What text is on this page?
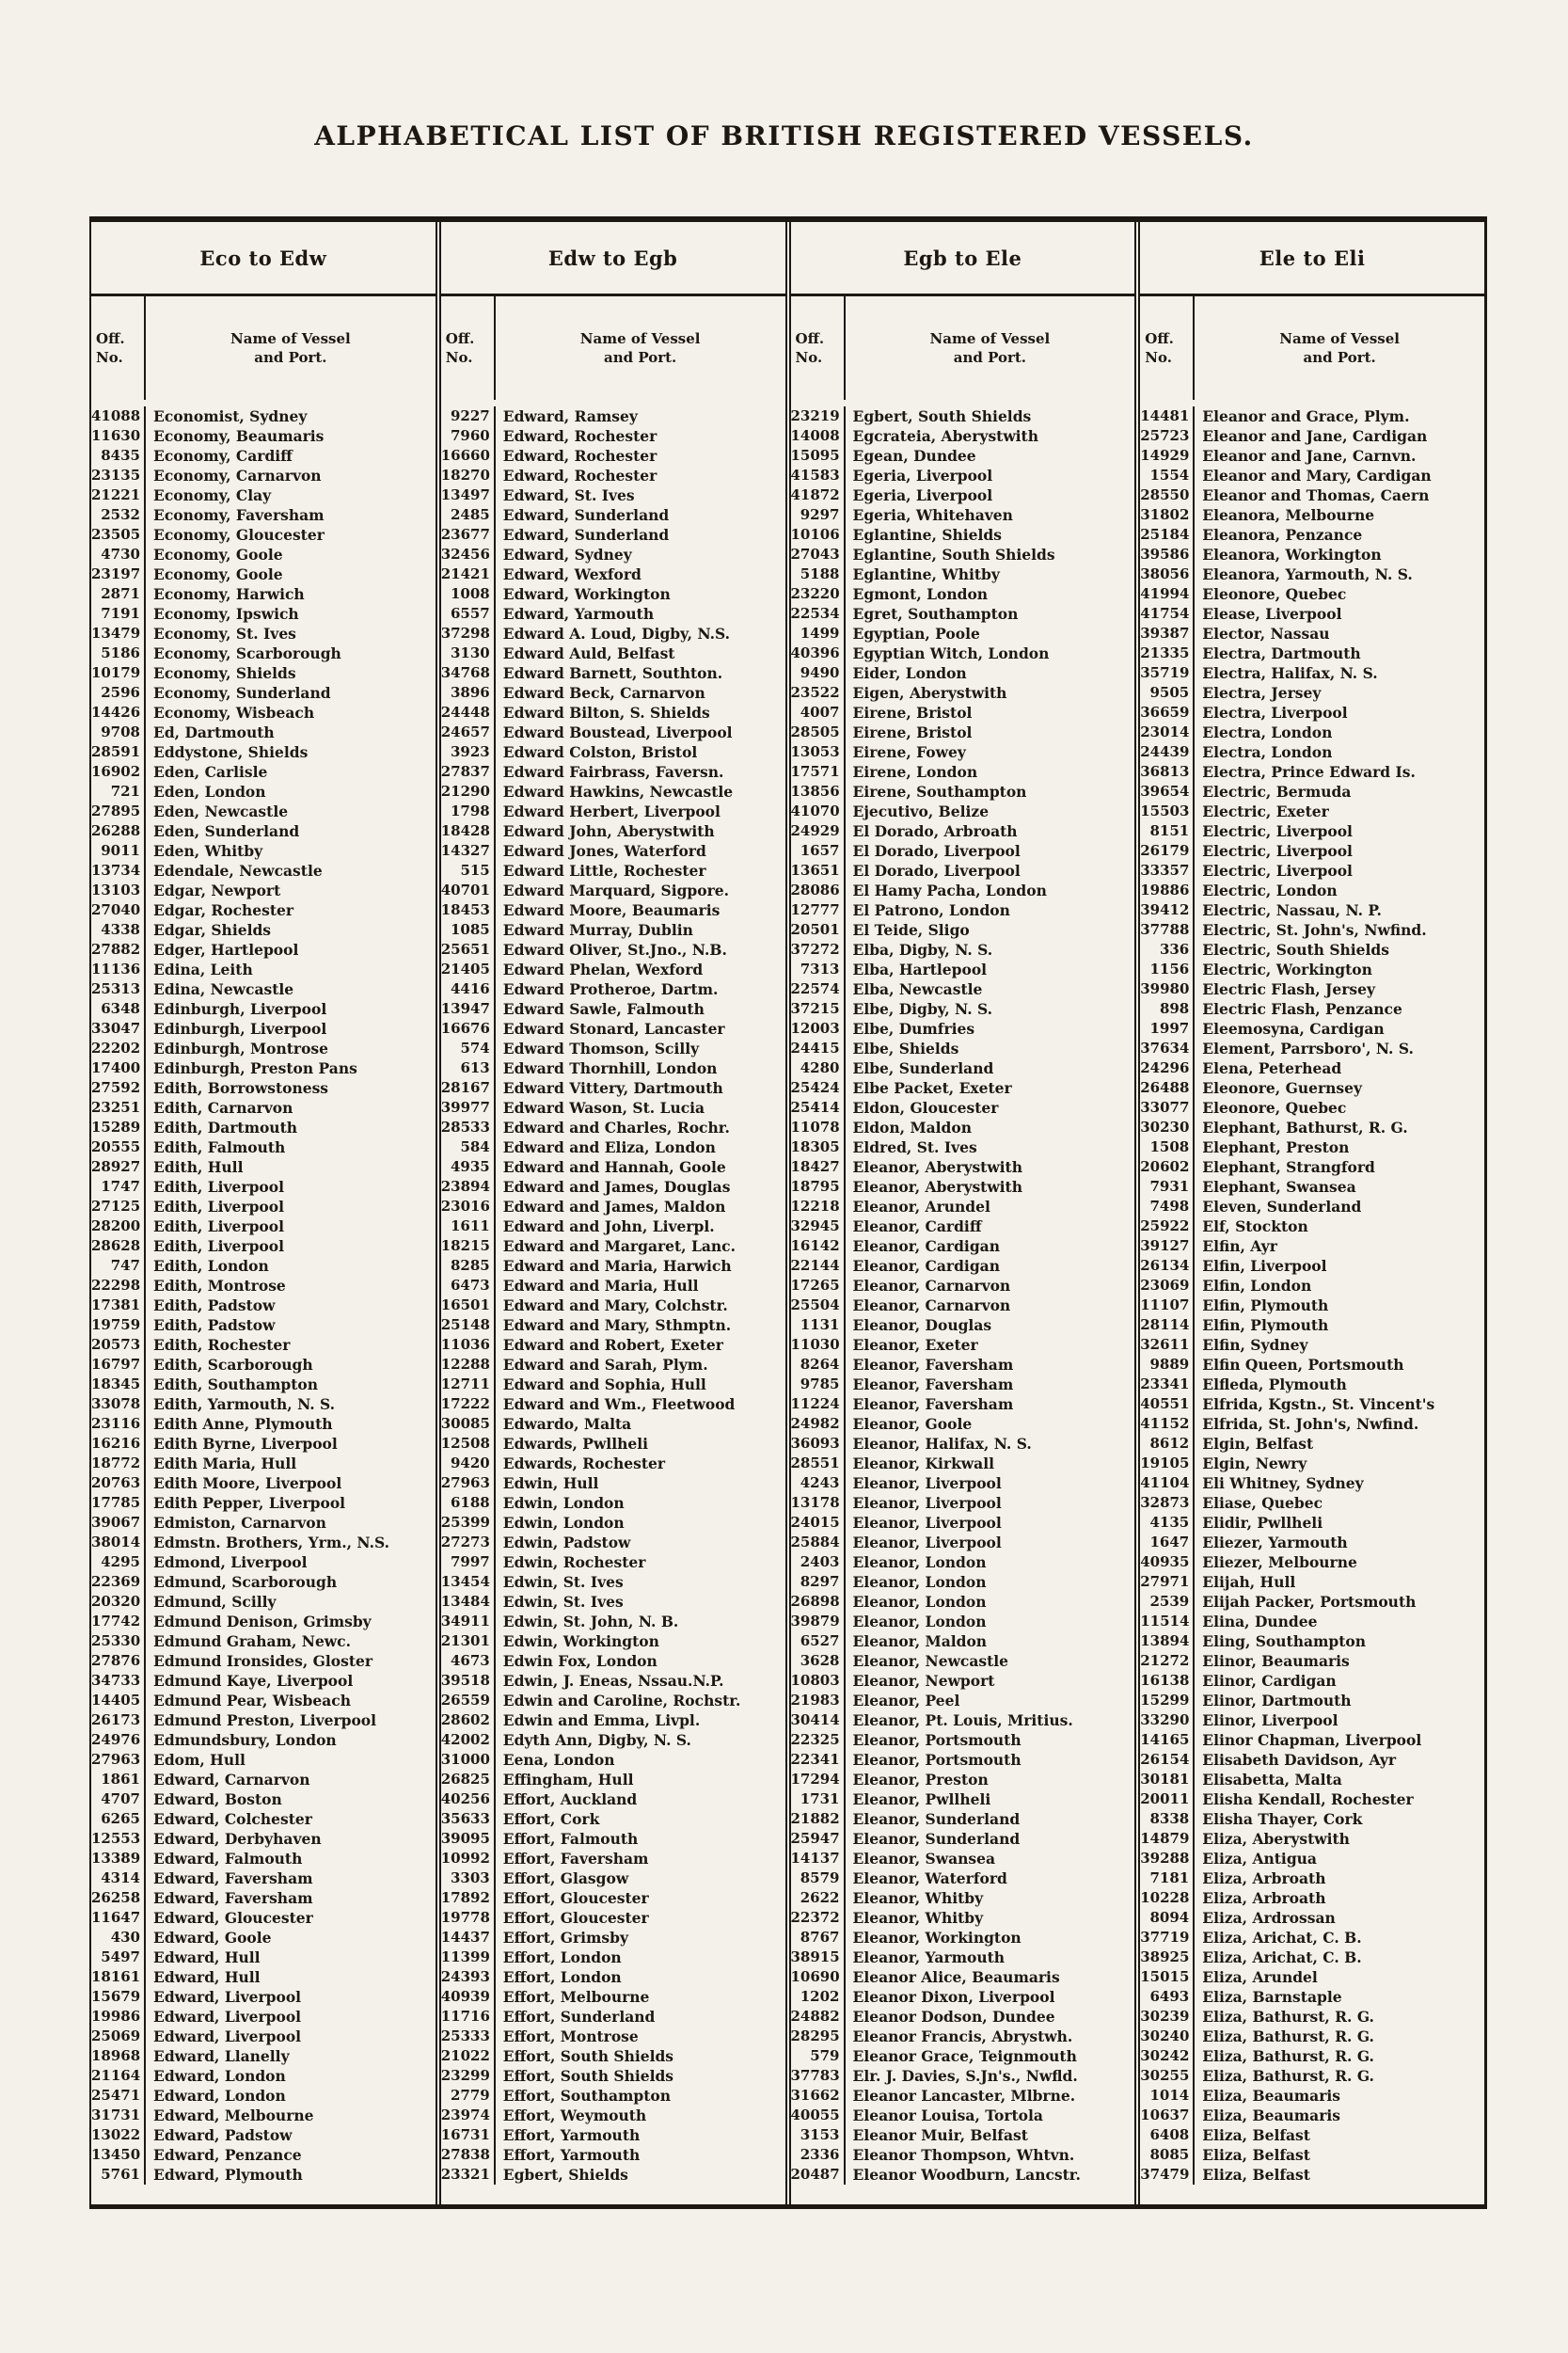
ALPHABETICAL LIST OF BRITISH REGISTERED VESSELS.
Eco to Edw
Off.
No.
Name of Vessel
and Port.
41088 Economist, Sydney
11630 Economy, Beaumaris
8435 Economy, Cardiff
23135 Economy, Carnarvon
21221 Economy, Clay
2532 Economy, Faversham
23505 Economy, Gloucester
4730 Economy, Goole
23197 Economy, Goole
2871 Economy, Harwich
7191 Economy, Ipswich
13479 Economy, St. Ives
5186 Economy, Scarborough
10179 Economy, Shields
2596 Economy, Sunderland
14426 Economy, Wisbeach
9708 Ed, Dartmouth
28591 Eddystone, Shields
16902 Eden, Carlisle
721 Eden, London
27895 Eden, Newcastle
26288 Eden, Sunderland
9011 Eden, Whitby
13734 Edendale, Newcastle
13103 Edgar, Newport
27040 Edgar, Rochester
4338 Edgar, Shields
27882 Edger, Hartlepool
11136 Edina, Leith
25313 Edina, Newcastle
6348 Edinburgh, Liverpool
33047 Edinburgh, Liverpool
22202 Edinburgh, Montrose
17400 Edinburgh, Preston Pans
27592 Edith, Borrowstoness
23251 Edith, Carnarvon
15289 Edith, Dartmouth
20555 Edith, Falmouth
28927 Edith, Hull
1747 Edith, Liverpool
27125 Edith, Liverpool
28200 Edith, Liverpool
28628 Edith, Liverpool
747 Edith, London
22298 Edith, Montrose
17381 Edith, Padstow
19759 Edith, Padstow
20573 Edith, Rochester
16797 Edith, Scarborough
18345 Edith, Southampton
33078 Edith, Yarmouth, N. S.
23116 Edith Anne, Plymouth
16216 Edith Byrne, Liverpool
18772 Edith Maria, Hull
20763 Edith Moore, Liverpool
17785 Edith Pepper, Liverpool
39067 Edmiston, Carnarvon
38014 Edmstn. Brothers, Yrm., N.S.
4295 Edmond, Liverpool
22369 Edmund, Scarborough
20320 Edmund, Scilly
17742 Edmund Denison, Grimsby
25330 Edmund Graham, Newc.
27876 Edmund Ironsides, Gloster
34733 Edmund Kaye, Liverpool
14405 Edmund Pear, Wisbeach
26173 Edmund Preston, Liverpool
24976 Edmundsbury, London
27963 Edom, Hull
1861 Edward, Carnarvon
4707 Edward, Boston
6265 Edward, Colchester
12553 Edward, Derbyhaven
13389 Edward, Falmouth
4314 Edward, Faversham
26258 Edward, Faversham
11647 Edward, Gloucester
430 Edward, Goole
5497 Edward, Hull
18161 Edward, Hull
15679 Edward, Liverpool
19986 Edward, Liverpool
25069 Edward, Liverpool
18968 Edward, Llanelly
21164 Edward, London
25471 Edward, London
31731 Edward, Melbourne
13022 Edward, Padstow
13450 Edward, Penzance
5761 Edward, Plymouth
Edw to Egb
Off.
No.
Name of Vessel
and Port.
9227 Edward, Ramsey
7960 Edward, Rochester
16660 Edward, Rochester
18270 Edward, Rochester
13497 Edward, St. Ives
2485 Edward, Sunderland
23677 Edward, Sunderland
32456 Edward, Sydney
21421 Edward, Wexford
1008 Edward, Workington
6557 Edward, Yarmouth
37298 Edward A. Loud, Digby, N.S.
3130 Edward Auld, Belfast
34768 Edward Barnett, Southton.
3896 Edward Beck, Carnarvon
24448 Edward Bilton, S. Shields
24657 Edward Boustead, Liverpool
3923 Edward Colston, Bristol
27837 Edward Fairbrass, Faversn.
21290 Edward Hawkins, Newcastle
1798 Edward Herbert, Liverpool
18428 Edward John, Aberystwith
14327 Edward Jones, Waterford
515 Edward Little, Rochester
40701 Edward Marquard, Sigpore.
18453 Edward Moore, Beaumaris
1085 Edward Murray, Dublin
25651 Edward Oliver, St.Jno., N.B.
21405 Edward Phelan, Wexford
4416 Edward Protheroe, Dartm.
13947 Edward Sawle, Falmouth
16676 Edward Stonard, Lancaster
574 Edward Thomson, Scilly
613 Edward Thornhill, London
28167 Edward Vittery, Dartmouth
39977 Edward Wason, St. Lucia
28533 Edward and Charles, Rochr.
584 Edward and Eliza, London
4935 Edward and Hannah, Goole
23894 Edward and James, Douglas
23016 Edward and James, Maldon
1611 Edward and John, Liverpl.
18215 Edward and Margaret, Lanc.
8285 Edward and Maria, Harwich
6473 Edward and Maria, Hull
16501 Edward and Mary, Colchstr.
25148 Edward and Mary, Sthmptn.
11036 Edward and Robert, Exeter
12288 Edward and Sarah, Plym.
12711 Edward and Sophia, Hull
17222 Edward and Wm., Fleetwood
30085 Edwardo, Malta
12508 Edwards, Pwllheli
9420 Edwards, Rochester
27963 Edwin, Hull
6188 Edwin, London
25399 Edwin, London
27273 Edwin, Padstow
7997 Edwin, Rochester
13454 Edwin, St. Ives
13484 Edwin, St. Ives
34911 Edwin, St. John, N. B.
21301 Edwin, Workington
4673 Edwin Fox, London
39518 Edwin, J. Eneas, Nssau.N.P.
26559 Edwin and Caroline, Rochstr.
28602 Edwin and Emma, Livpl.
42002 Edyth Ann, Digby, N. S.
31000 Eena, London
26825 Effingham, Hull
40256 Effort, Auckland
35633 Effort, Cork
39095 Effort, Falmouth
10992 Effort, Faversham
3303 Effort, Glasgow
17892 Effort, Gloucester
19778 Effort, Gloucester
14437 Effort, Grimsby
11399 Effort, London
24393 Effort, London
40939 Effort, Melbourne
11716 Effort, Sunderland
25333 Effort, Montrose
21022 Effort, South Shields
23299 Effort, South Shields
2779 Effort, Southampton
23974 Effort, Weymouth
16731 Effort, Yarmouth
27838 Effort, Yarmouth
23321 Egbert, Shields
Egb to Ele
Off.
No.
Name of Vessel
and Port.
23219 Egbert, South Shields
14008 Egcrateia, Aberystwith
15095 Egean, Dundee
41583 Egeria, Liverpool
41872 Egeria, Liverpool
9297 Egeria, Whitehaven
10106 Eglantine, Shields
27043 Eglantine, South Shields
5188 Eglantine, Whitby
23220 Egmont, London
22534 Egret, Southampton
1499 Egyptian, Poole
40396 Egyptian Witch, London
9490 Eider, London
23522 Eigen, Aberystwith
4007 Eirene, Bristol
28505 Eirene, Bristol
13053 Eirene, Fowey
17571 Eirene, London
13856 Eirene, Southampton
41070 Ejecutivo, Belize
24929 El Dorado, Arbroath
1657 El Dorado, Liverpool
13651 El Dorado, Liverpool
28086 El Hamy Pacha, London
12777 El Patrono, London
20501 El Teide, Sligo
37272 Elba, Digby, N. S.
7313 Elba, Hartlepool
22574 Elba, Newcastle
37215 Elbe, Digby, N. S.
12003 Elbe, Dumfries
24415 Elbe, Shields
4280 Elbe, Sunderland
25424 Elbe Packet, Exeter
25414 Eldon, Gloucester
11078 Eldon, Maldon
18305 Eldred, St. Ives
18427 Eleanor, Aberystwith
18795 Eleanor, Aberystwith
12218 Eleanor, Arundel
32945 Eleanor, Cardiff
16142 Eleanor, Cardigan
22144 Eleanor, Cardigan
17265 Eleanor, Carnarvon
25504 Eleanor, Carnarvon
1131 Eleanor, Douglas
11030 Eleanor, Exeter
8264 Eleanor, Faversham
9785 Eleanor, Faversham
11224 Eleanor, Faversham
24982 Eleanor, Goole
36093 Eleanor, Halifax, N. S.
28551 Eleanor, Kirkwall
4243 Eleanor, Liverpool
13178 Eleanor, Liverpool
24015 Eleanor, Liverpool
25884 Eleanor, Liverpool
2403 Eleanor, London
8297 Eleanor, London
26898 Eleanor, London
39879 Eleanor, London
6527 Eleanor, Maldon
3628 Eleanor, Newcastle
10803 Eleanor, Newport
21983 Eleanor, Peel
30414 Eleanor, Pt. Louis, Mritius.
22325 Eleanor, Portsmouth
22341 Eleanor, Portsmouth
17294 Eleanor, Preston
1731 Eleanor, Pwllheli
21882 Eleanor, Sunderland
25947 Eleanor, Sunderland
14137 Eleanor, Swansea
8579 Eleanor, Waterford
2622 Eleanor, Whitby
22372 Eleanor, Whitby
8767 Eleanor, Workington
38915 Eleanor, Yarmouth
10690 Eleanor Alice, Beaumaris
1202 Eleanor Dixon, Liverpool
24882 Eleanor Dodson, Dundee
28295 Eleanor Francis, Abrystwh.
579 Eleanor Grace, Teignmouth
37783 Elr. J. Davies, S.Jn's., Nwfld.
31662 Eleanor Lancaster, Mlbrne.
40055 Eleanor Louisa, Tortola
3153 Eleanor Muir, Belfast
2336 Eleanor Thompson, Whtvn.
20487 Eleanor Woodburn, Lancstr.
Ele to Eli
Off.
No.
Name of Vessel
and Port.
14481 Eleanor and Grace, Plym.
25723 Eleanor and Jane, Cardigan
14929 Eleanor and Jane, Carnvn.
1554 Eleanor and Mary, Cardigan
28550 Eleanor and Thomas, Caern
31802 Eleanora, Melbourne
25184 Eleanora, Penzance
39586 Eleanora, Workington
38056 Eleanora, Yarmouth, N. S.
41994 Eleonore, Quebec
41754 Elease, Liverpool
39387 Elector, Nassau
21335 Electra, Dartmouth
35719 Electra, Halifax, N. S.
9505 Electra, Jersey
36659 Electra, Liverpool
23014 Electra, London
24439 Electra, London
36813 Electra, Prince Edward Is.
39654 Electric, Bermuda
15503 Electric, Exeter
8151 Electric, Liverpool
26179 Electric, Liverpool
33357 Electric, Liverpool
19886 Electric, London
39412 Electric, Nassau, N. P.
37788 Electric, St. John's, Nwfind.
336 Electric, South Shields
1156 Electric, Workington
39980 Electric Flash, Jersey
898 Electric Flash, Penzance
1997 Eleemosyna, Cardigan
37634 Element, Parrsboro', N. S.
24296 Elena, Peterhead
26488 Eleonore, Guernsey
33077 Eleonore, Quebec
30230 Elephant, Bathurst, R. G.
1508 Elephant, Preston
20602 Elephant, Strangford
7931 Elephant, Swansea
7498 Eleven, Sunderland
25922 Elf, Stockton
39127 Elfin, Ayr
26134 Elfin, Liverpool
23069 Elfin, London
11107 Elfin, Plymouth
28114 Elfin, Plymouth
32611 Elfin, Sydney
9889 Elfin Queen, Portsmouth
23341 Elfleda, Plymouth
40551 Elfrida, Kgstn., St. Vincent's
41152 Elfrida, St. John's, Nwfind.
8612 Elgin, Belfast
19105 Elgin, Newry
41104 Eli Whitney, Sydney
32873 Eliase, Quebec
4135 Elidir, Pwllheli
1647 Eliezer, Yarmouth
40935 Eliezer, Melbourne
27971 Elijah, Hull
2539 Elijah Packer, Portsmouth
11514 Elina, Dundee
13894 Eling, Southampton
21272 Elinor, Beaumaris
16138 Elinor, Cardigan
15299 Elinor, Dartmouth
33290 Elinor, Liverpool
14165 Elinor Chapman, Liverpool
26154 Elisabeth Davidson, Ayr
30181 Elisabetta, Malta
20011 Elisha Kendall, Rochester
8338 Elisha Thayer, Cork
14879 Eliza, Aberystwith
39288 Eliza, Antigua
7181 Eliza, Arbroath
10228 Eliza, Arbroath
8094 Eliza, Ardrossan
37719 Eliza, Arichat, C. B.
38925 Eliza, Arichat, C. B.
15015 Eliza, Arundel
6493 Eliza, Barnstaple
30239 Eliza, Bathurst, R. G.
30240 Eliza, Bathurst, R. G.
30242 Eliza, Bathurst, R. G.
30255 Eliza, Bathurst, R. G.
1014 Eliza, Beaumaris
10637 Eliza, Beaumaris
6408 Eliza, Belfast
8085 Eliza, Belfast
37479 Eliza, Belfast
